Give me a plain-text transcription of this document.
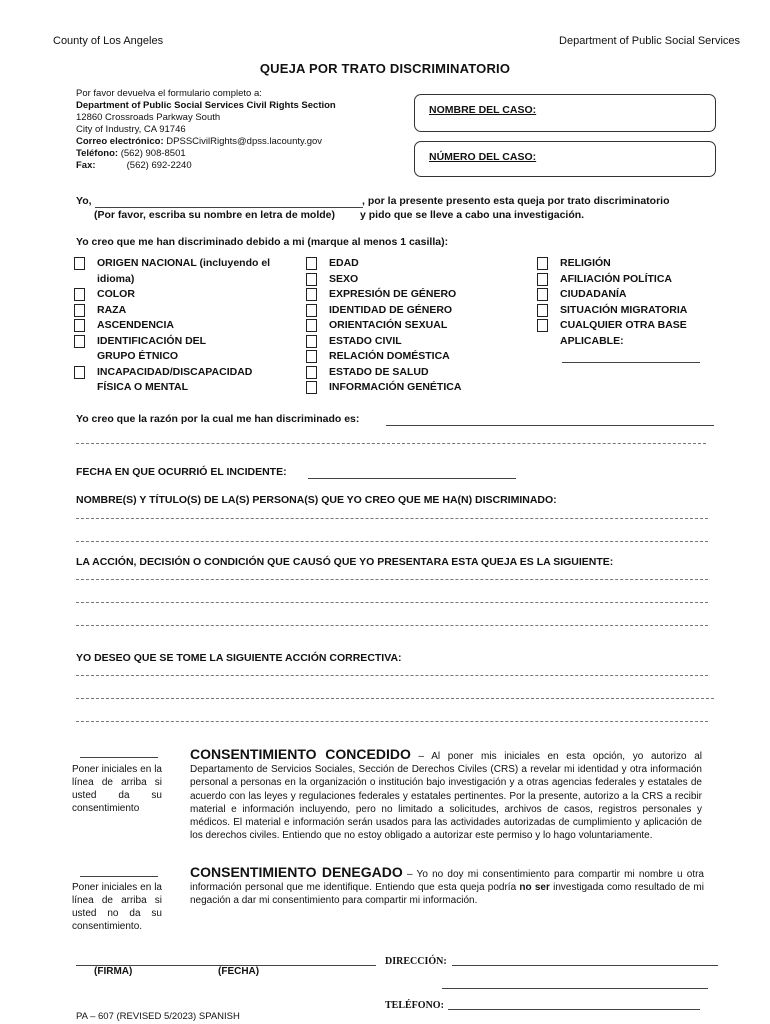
County of Los Angeles	Department of Public Social Services
QUEJA POR TRATO DISCRIMINATORIO
Por favor devuelva el formulario completo a:
Department of Public Social Services Civil Rights Section
12860 Crossroads Parkway South
City of Industry, CA 91746
Correo electrónico: DPSSCivilRights@dpss.lacounty.gov
Teléfono: (562) 908-8501
Fax:	(562) 692-2240
NOMBRE DEL CASO:
NÚMERO DEL CASO:
Yo,	, por la presente presento esta queja por trato discriminatorio
(Por favor, escriba su nombre en letra de molde) y pido que se lleve a cabo una investigación.
Yo creo que me han discriminado debido a mi (marque al menos 1 casilla):
ORIGEN NACIONAL (incluyendo el idioma)
COLOR
RAZA
ASCENDENCIA
IDENTIFICACIÓN DEL GRUPO ÉTNICO
INCAPACIDAD/DISCAPACIDAD FÍSICA O MENTAL
EDAD
SEXO
EXPRESIÓN DE GÉNERO
IDENTIDAD DE GÉNERO
ORIENTACIÓN SEXUAL
ESTADO CIVIL
RELACIÓN DOMÉSTICA
ESTADO DE SALUD
INFORMACIÓN GENÉTICA
RELIGIÓN
AFILIACIÓN POLÍTICA
CIUDADANÍA
SITUACIÓN MIGRATORIA
CUALQUIER OTRA BASE APLICABLE:
Yo creo que la razón por la cual me han discriminado es:
FECHA EN QUE OCURRIÓ EL INCIDENTE:
NOMBRE(S) Y TÍTULO(S) DE LA(S) PERSONA(S) QUE YO CREO QUE ME HA(N) DISCRIMINADO:
LA ACCIÓN, DECISIÓN O CONDICIÓN QUE CAUSÓ QUE YO PRESENTARA ESTA QUEJA ES LA SIGUIENTE:
YO DESEO QUE SE TOME LA SIGUIENTE ACCIÓN CORRECTIVA:
Poner iniciales en la línea de arriba si usted da su consentimiento
CONSENTIMIENTO CONCEDIDO – Al poner mis iniciales en esta opción, yo autorizo al Departamento de Servicios Sociales, Sección de Derechos Civiles (CRS) a revelar mi identidad y otra información personal a personas en la organización o institución bajo investigación y a otras agencias federales y estatales de acuerdo con las leyes y regulaciones federales y estatales pertinentes. Por la presente, autorizo a la CRS a recibir material e información incluyendo, pero no limitado a solicitudes, archivos de casos, registros personales y médicos. El material e información serán usados para las actividades autorizadas de cumplimiento y aplicación de los derechos civiles. Entiendo que no estoy obligado a autorizar este permiso y lo hago voluntariamente.
Poner iniciales en la línea de arriba si usted no da su consentimiento.
CONSENTIMIENTO DENEGADO – Yo no doy mi consentimiento para compartir mi nombre u otra información personal que me identifique. Entiendo que esta queja podría no ser investigada como resultado de mi negación a dar mi consentimiento para compartir mi información.
(FIRMA)	(FECHA)
DIRECCIÓN:
TELÉFONO:
PA – 607 (REVISED 5/2023) SPANISH
